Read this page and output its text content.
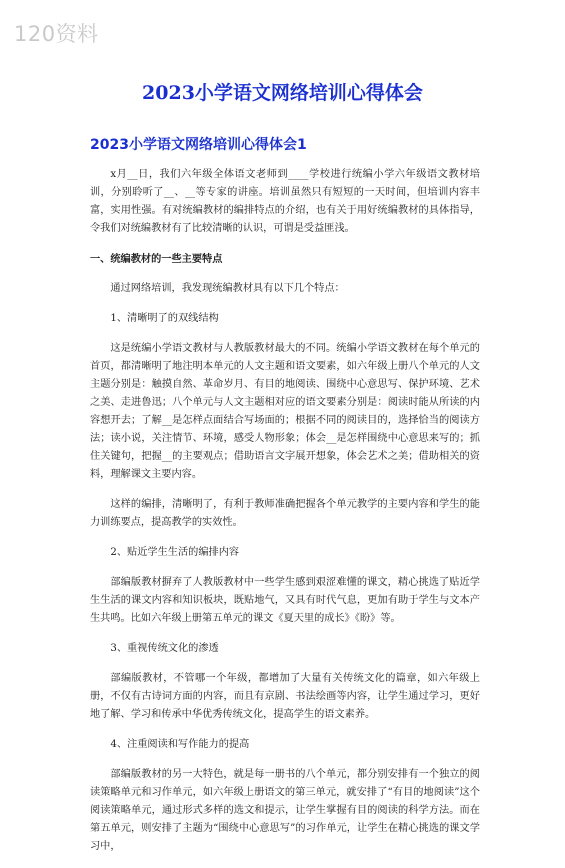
120资料
2023小学语文网络培训心得体会
2023小学语文网络培训心得体会1

x月__日，我们六年级全体语文老师到____学校进行统编小学六年级语文教材培训，分别聆听了__、__等专家的讲座。培训虽然只有短短的一天时间，但培训内容丰富，实用性强。有对统编教材的编排特点的介绍，也有关于用好统编教材的具体指导，令我们对统编教材有了比较清晰的认识，可谓是受益匪浅。

一、统编教材的一些主要特点

通过网络培训，我发现统编教材具有以下几个特点：

1、清晰明了的双线结构

这是统编小学语文教材与人教版教材最大的不同。统编小学语文教材在每个单元的首页，都清晰明了地注明本单元的人文主题和语文要素，如六年级上册八个单元的人文主题分别是：触摸自然、革命岁月、有目的地阅读、围绕中心意思写、保护环境、艺术之美、走进鲁迅；八个单元与人文主题相对应的语文要素分别是：阅读时能从所读的内容想开去；了解__是怎样点面结合写场面的；根据不同的阅读目的，选择恰当的阅读方法；读小说，关注情节、环境，感受人物形象；体会__是怎样围绕中心意思来写的；抓住关键句，把握__的主要观点；借助语言文字展开想象，体会艺术之美；借助相关的资料，理解课文主要内容。

这样的编排，清晰明了，有利于教师准确把握各个单元教学的主要内容和学生的能力训练要点，提高教学的实效性。

2、贴近学生生活的编排内容

部编版教材摒弃了人教版教材中一些学生感到艰涩难懂的课文，精心挑选了贴近学生生活的课文内容和知识板块，既贴地气，又具有时代气息，更加有助于学生与文本产生共鸣。比如六年级上册第五单元的课文《夏天里的成长》《盼》等。

3、重视传统文化的渗透

部编版教材，不管哪一个年级，都增加了大量有关传统文化的篇章，如六年级上册，不仅有古诗词方面的内容，而且有京剧、书法绘画等内容，让学生通过学习，更好地了解、学习和传承中华优秀传统文化，提高学生的语文素养。

4、注重阅读和写作能力的提高

部编版教材的另一大特色，就是每一册书的八个单元，都分别安排有一个独立的阅读策略单元和习作单元，如六年级上册语文的第三单元，就安排了“有目的地阅读”这个阅读策略单元，通过形式多样的选文和提示，让学生掌握有目的阅读的科学方法。而在第五单元，则安排了主题为“围绕中心意思写”的习作单元，让学生在精心挑选的课文学习中，
